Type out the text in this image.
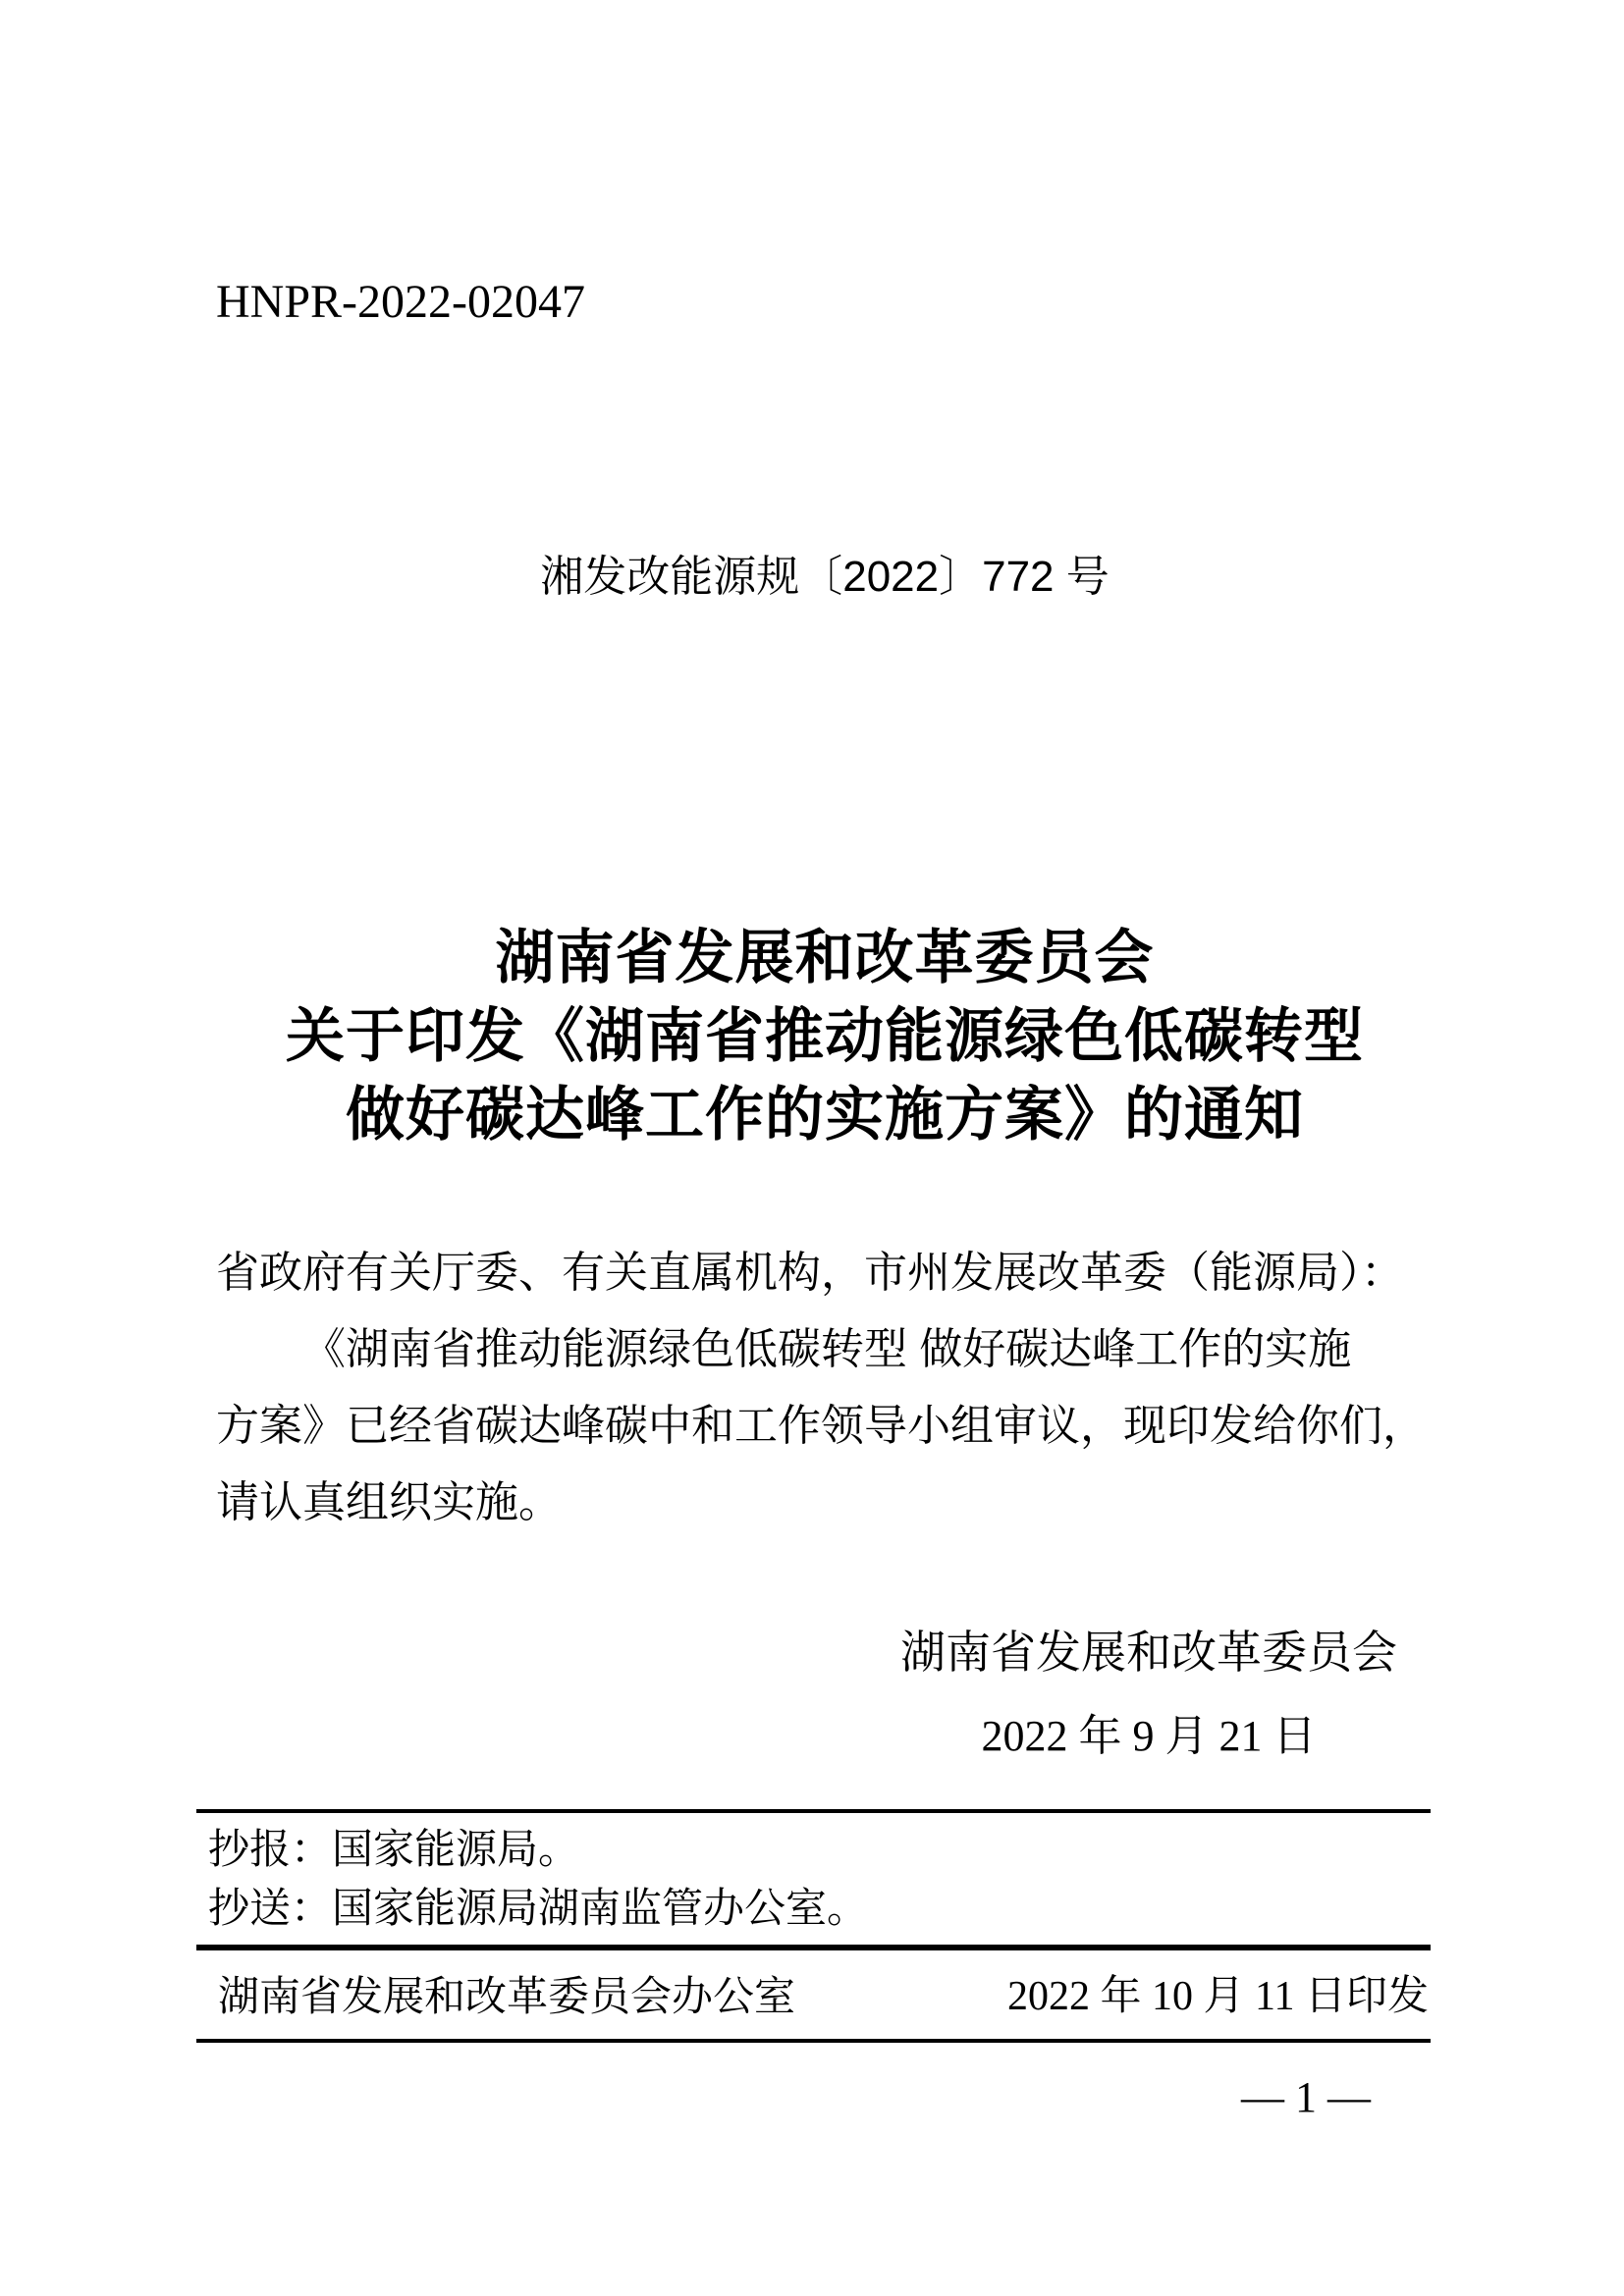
HNPR-2022-02047
湘发改能源规〔2022〕772 号
湖南省发展和改革委员会
关于印发《湖南省推动能源绿色低碳转型
做好碳达峰工作的实施方案》的通知
省政府有关厅委、有关直属机构，市州发展改革委（能源局）：
《湖南省推动能源绿色低碳转型 做好碳达峰工作的实施
方案》已经省碳达峰碳中和工作领导小组审议，现印发给你们，
请认真组织实施。
湖南省发展和改革委员会
2022 年 9 月 21 日
抄报：国家能源局。
抄送：国家能源局湖南监管办公室。
湖南省发展和改革委员会办公室	2022 年 10 月 11 日印发
— 1 —
